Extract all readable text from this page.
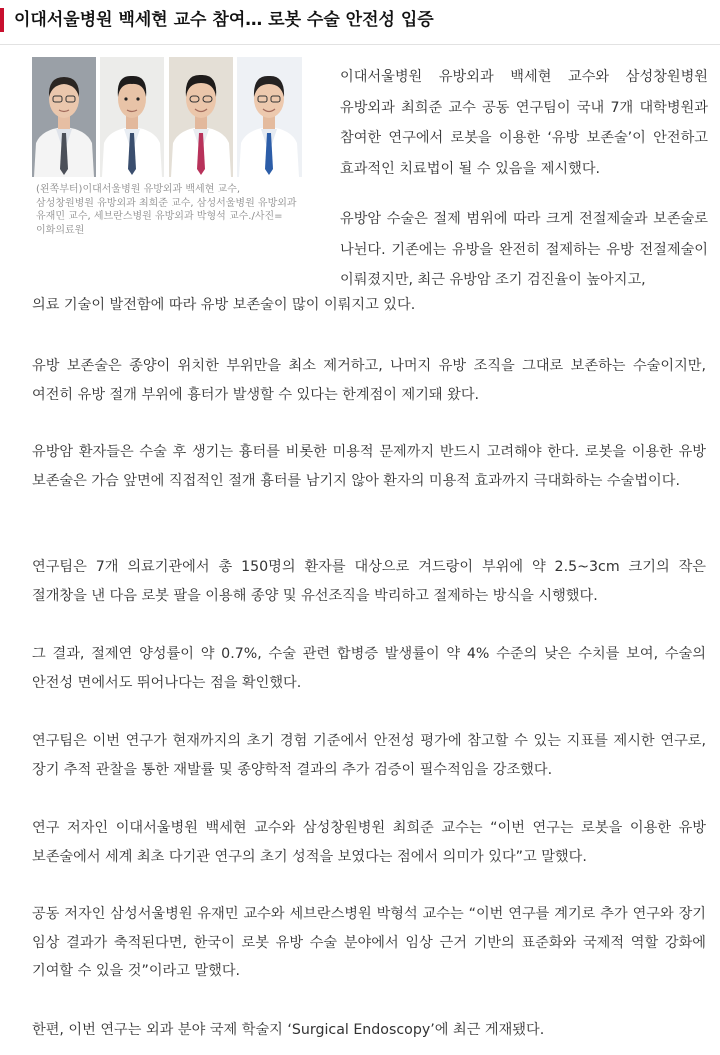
이대서울병원 백세현 교수 참여… 로봇 수술 안전성 입증
(왼쪽부터)이대서울병원 유방외과 백세현 교수, 삼성창원병원 유방외과 최희준 교수, 삼성서울병원 유방외과 유재민 교수, 세브란스병원 유방외과 박형석 교수./사진=이화의료원
이대서울병원 유방외과 백세현 교수와 삼성창원병원 유방외과 최희준 교수 공동 연구팀이 국내 7개 대학병원과 참여한 연구에서 로봇을 이용한 ‘유방 보존술’이 안전하고 효과적인 치료법이 될 수 있음을 제시했다.
유방암 수술은 절제 범위에 따라 크게 전절제술과 보존술로 나뉜다. 기존에는 유방을 완전히 절제하는 유방 전절제술이 이뤄졌지만, 최근 유방암 조기 검진율이 높아지고,
의료 기술이 발전함에 따라 유방 보존술이 많이 이뤄지고 있다.
유방 보존술은 종양이 위치한 부위만을 최소 제거하고, 나머지 유방 조직을 그대로 보존하는 수술이지만, 여전히 유방 절개 부위에 흉터가 발생할 수 있다는 한계점이 제기돼 왔다.
유방암 환자들은 수술 후 생기는 흉터를 비롯한 미용적 문제까지 반드시 고려해야 한다. 로봇을 이용한 유방 보존술은 가슴 앞면에 직접적인 절개 흉터를 남기지 않아 환자의 미용적 효과까지 극대화하는 수술법이다.
연구팀은 7개 의료기관에서 총 150명의 환자를 대상으로 겨드랑이 부위에 약 2.5~3cm 크기의 작은 절개창을 낸 다음 로봇 팔을 이용해 종양 및 유선조직을 박리하고 절제하는 방식을 시행했다.
그 결과, 절제연 양성률이 약 0.7%, 수술 관련 합병증 발생률이 약 4% 수준의 낮은 수치를 보여, 수술의 안전성 면에서도 뛰어나다는 점을 확인했다.
연구팀은 이번 연구가 현재까지의 초기 경험 기준에서 안전성 평가에 참고할 수 있는 지표를 제시한 연구로, 장기 추적 관찰을 통한 재발률 및 종양학적 결과의 추가 검증이 필수적임을 강조했다.
연구 저자인 이대서울병원 백세현 교수와 삼성창원병원 최희준 교수는 “이번 연구는 로봇을 이용한 유방 보존술에서 세계 최초 다기관 연구의 초기 성적을 보였다는 점에서 의미가 있다”고 말했다.
공동 저자인 삼성서울병원 유재민 교수와 세브란스병원 박형석 교수는 “이번 연구를 계기로 추가 연구와 장기 임상 결과가 축적된다면, 한국이 로봇 유방 수술 분야에서 임상 근거 기반의 표준화와 국제적 역할 강화에 기여할 수 있을 것”이라고 말했다.
한편, 이번 연구는 외과 분야 국제 학술지 ‘Surgical Endoscopy’에 최근 게재됐다.
